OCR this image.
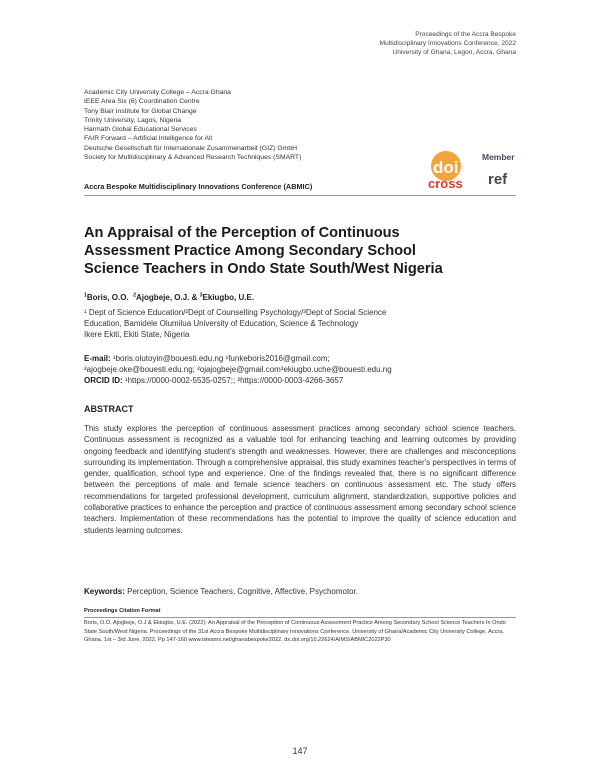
Proceedings of the Accra Bespoke
Multidisciplinary Innovations Conference, 2022
University of Ghana, Legon, Accra, Ghana
Academic City University College – Accra Ghana
IEEE Area Six (6) Coordination Centre
Tony Blair Institute for Global Change
Trinity University, Lagos, Nigeria
Harmath Global Educational Services
FAIR Forward – Artificial Intelligence for All
Deutsche Gesellschaft für Internationale Zusammenarbeit (GIZ) GmbH
Society for Multidisciplinary & Advanced Research Techniques (SMART)
doi
cross ref
Member
Accra Bespoke Multidisciplinary Innovations Conference (ABMIC)
An Appraisal of the Perception of Continuous Assessment Practice Among Secondary School Science Teachers in Ondo State South/West Nigeria
$^1$Boris, O.O. $^2$Ajogbeje, O.J. & $^3$Ekiugbo, U.E.
¹ Dept of Science Education/²Dept of Counselling Psychology/³Dept of Social Science
Education, Bamidele Olumilua University of Education, Science & Technology
Ikere Ekiti, Ekiti State, Nigeria
E-mail: ¹boris.olutoyin@bouesti.edu.ng ¹funkeboris2016@gmail.com;
²ajogbeje.oke@bouesti.edu.ng; ²ojajogbeje@gmail.com³ekiugbo.uche@bouesti.edu.ng
ORCID ID: ¹https://0000-0002-5535-0257;; ²https://0000-0003-4266-3657
ABSTRACT
This study explores the perception of continuous assessment practices among secondary school science teachers. Continuous assessment is recognized as a valuable tool for enhancing teaching and learning outcomes by providing ongoing feedback and identifying student's strength and weaknesses. However, there are challenges and misconceptions surrounding its implementation. Through a comprehensive appraisal, this study examines teacher's perspectives in terms of gender, qualification, school type and experience. One of the findings revealed that, there is no significant difference between the perceptions of male and female science teachers on continuous assessment etc. The study offers recommendations for targeted professional development, curriculum alignment, standardization, supportive policies and collaborative practices to enhance the perception and practice of continuous assessment among secondary school science teachers. Implementation of these recommendations has the potential to improve the quality of science education and students learning outcomes.
Keywords: Perception, Science Teachers, Cognitive, Affective, Psychomotor.
Proceedings Citation Format
Boris, O.O. Ajogbeje, O.J & Ekiugbo, U.E. (2022): An Appraisal of the Perception of Continuous Assessment Practice Among Secondary School Science Teachers In Ondo State South/West Nigeria. Proceedings of the 31st Accra Bespoke Multidisciplinary Innovations Conference. University of Ghana/Academic City University College, Accra, Ghana. 1st – 3rd June, 2022. Pp 147-160 www.isteams.net/ghanabespoke2022. dx.doi.org/10.22624/AIMS/ABMIC2022P30
147
